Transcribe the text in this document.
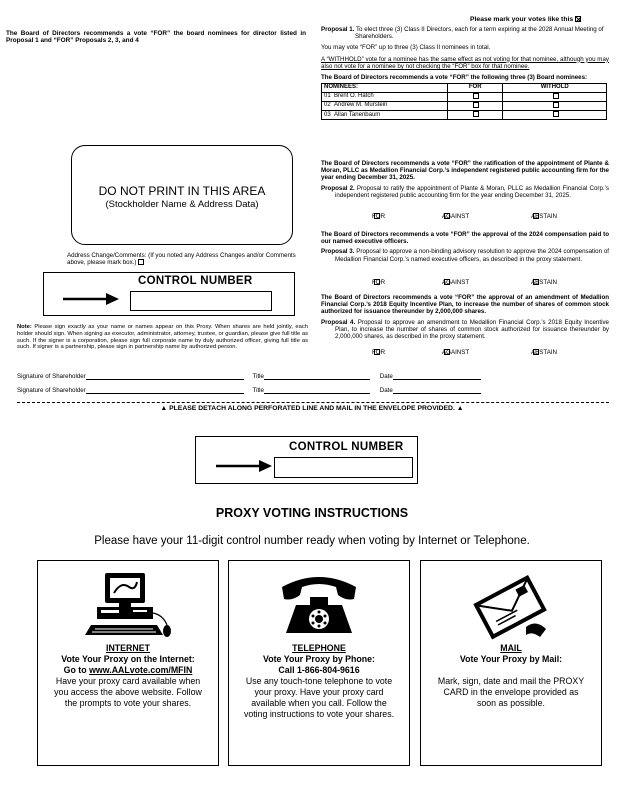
Please mark your votes like this
The Board of Directors recommends a vote “FOR” the board nominees for director listed in Proposal 1 and “FOR” Proposals 2, 3, and 4
Proposal 1. To elect three (3) Class II Directors, each for a term expiring at the 2028 Annual Meeting of Shareholders.
You may vote “FOR” up to three (3) Class II nominees in total.
A “WITHHOLD” vote for a nominee has the same effect as not voting for that nominee, although you may also not vote for a nominee by not checking the “FOR” box for that nominee.
The Board of Directors recommends a vote “FOR” the following three (3) Board nominees:
NOMINEES:	FOR	WITHOLD
01 Brent O. Hatch		
02 Andrew M. Murstein		
03 Allan Tanenbaum		
The Board of Directors recommends a vote “FOR” the ratification of the appointment of Plante & Moran, PLLC as Medallion Financial Corp.’s independent registered public accounting firm for the year ending December 31, 2025.
Proposal 2. Proposal to ratify the appointment of Plante & Moran, PLLC as Medallion Financial Corp.’s independent registered public accounting firm for the year ending December 31, 2025.
FOR	AGAINST	ABSTAIN
The Board of Directors recommends a vote “FOR” the approval of the 2024 compensation paid to our named executive officers.
Proposal 3. Proposal to approve a non-binding advisory resolution to approve the 2024 compensation of Medallion Financial Corp.’s named executive officers, as described in the proxy statement.
FOR	AGAINST	ABSTAIN
The Board of Directors recommends a vote “FOR” the approval of an amendment of Medallion Financial Corp.’s 2018 Equity Incentive Plan, to increase the number of shares of common stock authorized for issuance thereunder by 2,000,000 shares.
Proposal 4. Proposal to approve an amendment to Medallion Financial Corp.’s 2018 Equity Incentive Plan, to increase the number of shares of common stock authorized for issuance thereunder by 2,000,000 shares, as described in the proxy statement.
FOR	AGAINST	ABSTAIN
DO NOT PRINT IN THIS AREA
(Stockholder Name & Address Data)
Address Change/Comments: (If you noted any Address Changes and/or Comments above, please mark box.)
CONTROL NUMBER
Note: Please sign exactly as your name or names appear on this Proxy. When shares are held jointly, each holder should sign. When signing as executor, administrator, attorney, trustee, or guardian, please give full title as such. If the signer is a corporation, please sign full corporate name by duly authorized officer, giving full title as such. If signer is a partnership, please sign in partnership name by authorized person.
Signature of Shareholder	Title	Date
Signature of Shareholder	Title	Date
▲ PLEASE DETACH ALONG PERFORATED LINE AND MAIL IN THE ENVELOPE PROVIDED. ▲
CONTROL NUMBER
PROXY VOTING INSTRUCTIONS
Please have your 11-digit control number ready when voting by Internet or Telephone.
INTERNET
Vote Your Proxy on the Internet:
Go to www.AALvote.com/MFIN
Have your proxy card available when you access the above website. Follow the prompts to vote your shares.
TELEPHONE
Vote Your Proxy by Phone:
Call 1-866-804-9616
Use any touch-tone telephone to vote your proxy. Have your proxy card available when you call. Follow the voting instructions to vote your shares.
MAIL
Vote Your Proxy by Mail:
Mark, sign, date and mail the PROXY CARD in the envelope provided as soon as possible.
